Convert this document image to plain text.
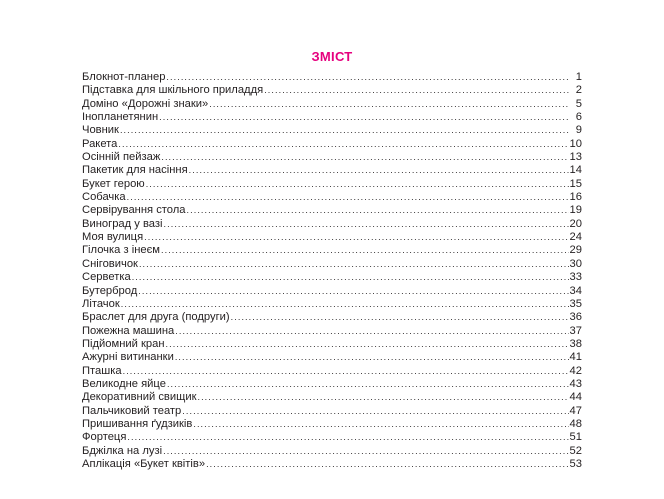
ЗМІСТ
Блокнот-планер .....	1
Підставка для шкільного приладдя .....	2
Доміно «Дорожні знаки» .....	5
Інопланетянин .....	6
Човник .....	9
Ракета .....	10
Осінній пейзаж .....	13
Пакетик для насіння .....	14
Букет герою .....	15
Собачка .....	16
Сервірування стола .....	19
Виноград у вазі .....	20
Моя вулиця .....	24
Гілочка з інеєм .....	29
Сніговичок .....	30
Серветка .....	33
Бутерброд .....	34
Літачок .....	35
Браслет для друга (подруги) .....	36
Пожежна машина .....	37
Підйомний кран .....	38
Ажурні витинанки .....	41
Пташка .....	42
Великодне яйце .....	43
Декоративний свищик .....	44
Пальчиковий театр .....	47
Пришивання ґудзиків .....	48
Фортеця .....	51
Бджілка на лузі .....	52
Аплікація «Букет квітів» .....	53
